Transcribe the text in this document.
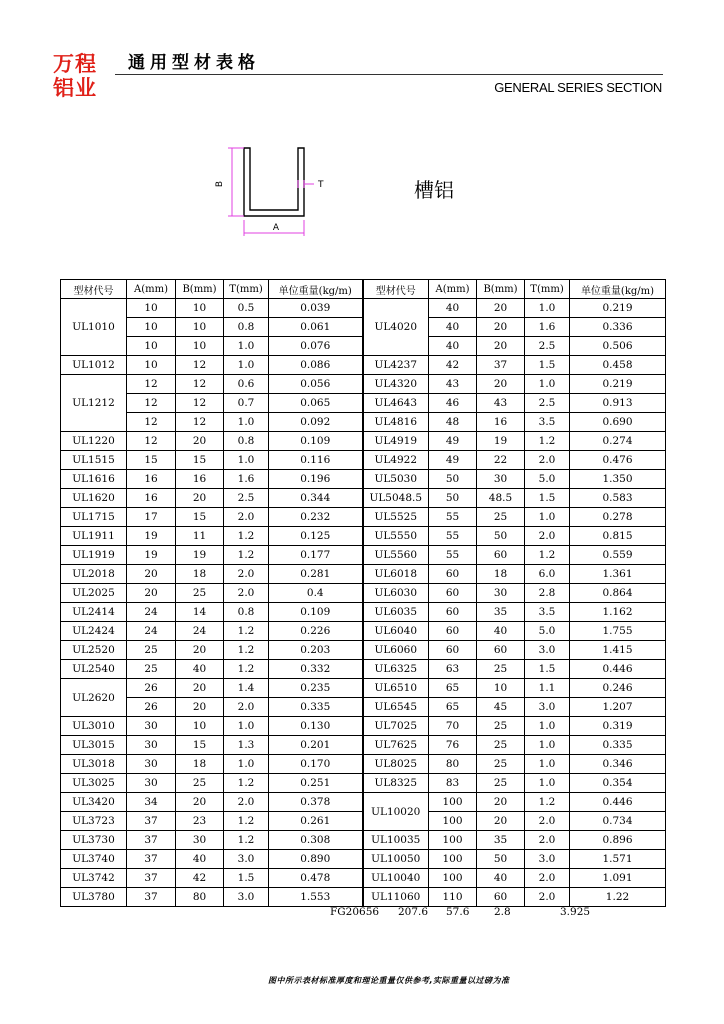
万程
铝业
通用型材表格
GENERAL SERIES SECTION
B
A
T	槽铝
型材代号	A(mm)	B(mm)	T(mm)	单位重量(kg/m)	型材代号	A(mm)	B(mm)	T(mm)	单位重量(kg/m)
UL1010	10	10	0.5	0.039	UL4020	40	20	1.0	0.219
	10	10	0.8	0.061		40	20	1.6	0.336
	10	10	1.0	0.076		40	20	2.5	0.506
UL1012	10	12	1.0	0.086	UL4237	42	37	1.5	0.458
UL1212	12	12	0.6	0.056	UL4320	43	20	1.0	0.219
	12	12	0.7	0.065	UL4643	46	43	2.5	0.913
	12	12	1.0	0.092	UL4816	48	16	3.5	0.690
UL1220	12	20	0.8	0.109	UL4919	49	19	1.2	0.274
UL1515	15	15	1.0	0.116	UL4922	49	22	2.0	0.476
UL1616	16	16	1.6	0.196	UL5030	50	30	5.0	1.350
UL1620	16	20	2.5	0.344	UL5048.5	50	48.5	1.5	0.583
UL1715	17	15	2.0	0.232	UL5525	55	25	1.0	0.278
UL1911	19	11	1.2	0.125	UL5550	55	50	2.0	0.815
UL1919	19	19	1.2	0.177	UL5560	55	60	1.2	0.559
UL2018	20	18	2.0	0.281	UL6018	60	18	6.0	1.361
UL2025	20	25	2.0	0.4	UL6030	60	30	2.8	0.864
UL2414	24	14	0.8	0.109	UL6035	60	35	3.5	1.162
UL2424	24	24	1.2	0.226	UL6040	60	40	5.0	1.755
UL2520	25	20	1.2	0.203	UL6060	60	60	3.0	1.415
UL2540	25	40	1.2	0.332	UL6325	63	25	1.5	0.446
UL2620	26	20	1.4	0.235	UL6510	65	10	1.1	0.246
	26	20	2.0	0.335	UL6545	65	45	3.0	1.207
UL3010	30	10	1.0	0.130	UL7025	70	25	1.0	0.319
UL3015	30	15	1.3	0.201	UL7625	76	25	1.0	0.335
UL3018	30	18	1.0	0.170	UL8025	80	25	1.0	0.346
UL3025	30	25	1.2	0.251	UL8325	83	25	1.0	0.354
UL3420	34	20	2.0	0.378	UL10020	100	20	1.2	0.446
UL3723	37	23	1.2	0.261		100	20	2.0	0.734
UL3730	37	30	1.2	0.308	UL10035	100	35	2.0	0.896
UL3740	37	40	3.0	0.890	UL10050	100	50	3.0	1.571
UL3742	37	42	1.5	0.478	UL10040	100	40	2.0	1.091
UL3780	37	80	3.0	1.553	UL11060	110	60	2.0	1.22
FG20656 207.6 57.6 2.8	3.925
图中所示表材标准厚度和理论重量仅供参考,实际重量以过磅为准
